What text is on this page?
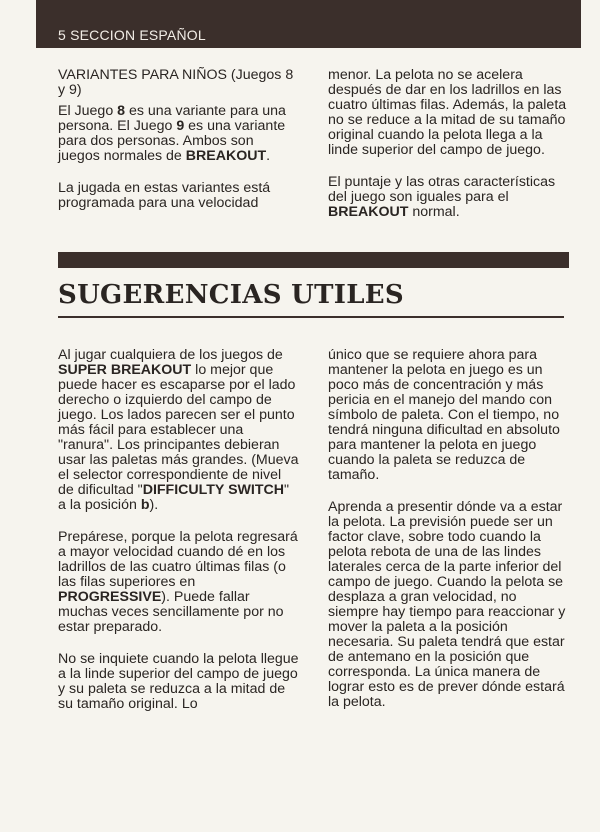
5 SECCION ESPAÑOL
VARIANTES PARA NIÑOS (Juegos 8 y 9)

El Juego 8 es una variante para una persona. El Juego 9 es una variante para dos personas. Ambos son juegos normales de BREAKOUT.

La jugada en estas variantes está programada para una velocidad

menor. La pelota no se acelera después de dar en los ladrillos en las cuatro últimas filas. Además, la paleta no se reduce a la mitad de su tamaño original cuando la pelota llega a la linde superior del campo de juego.

El puntaje y las otras características del juego son iguales para el BREAKOUT normal.

SUGERENCIAS UTILES

Al jugar cualquiera de los juegos de SUPER BREAKOUT lo mejor que puede hacer es escaparse por el lado derecho o izquierdo del campo de juego. Los lados parecen ser el punto más fácil para establecer una "ranura". Los principantes debieran usar las paletas más grandes. (Mueva el selector correspondiente de nivel de dificultad "DIFFICULTY SWITCH" a la posición b).

Prepárese, porque la pelota regresará a mayor velocidad cuando dé en los ladrillos de las cuatro últimas filas (o las filas superiores en PROGRESSIVE). Puede fallar muchas veces sencillamente por no estar preparado.

No se inquiete cuando la pelota llegue a la linde superior del campo de juego y su paleta se reduzca a la mitad de su tamaño original. Lo

único que se requiere ahora para mantener la pelota en juego es un poco más de concentración y más pericia en el manejo del mando con símbolo de paleta. Con el tiempo, no tendrá ninguna dificultad en absoluto para mantener la pelota en juego cuando la paleta se reduzca de tamaño.

Aprenda a presentir dónde va a estar la pelota. La previsión puede ser un factor clave, sobre todo cuando la pelota rebota de una de las lindes laterales cerca de la parte inferior del campo de juego. Cuando la pelota se desplaza a gran velocidad, no siempre hay tiempo para reaccionar y mover la paleta a la posición necesaria. Su paleta tendrá que estar de antemano en la posición que corresponda. La única manera de lograr esto es de prever dónde estará la pelota.
